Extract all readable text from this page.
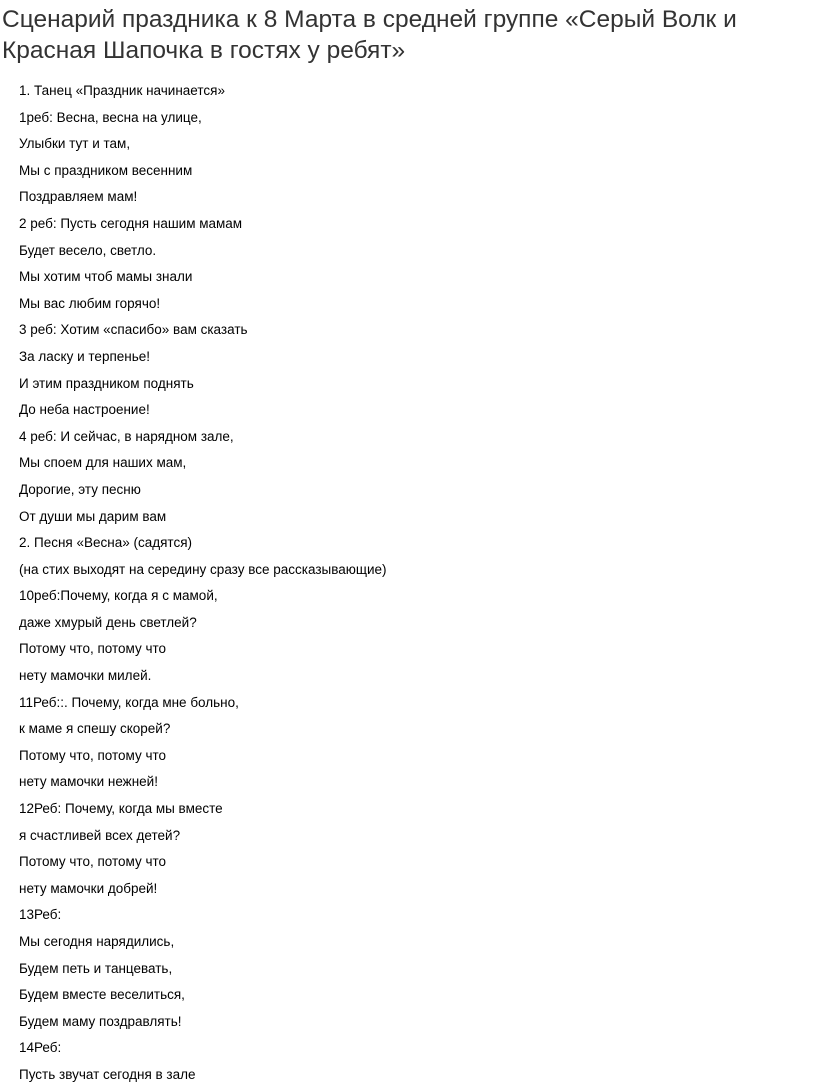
Сценарий праздника к 8 Марта в средней группе «Серый Волк и Красная Шапочка в гостях у ребят»
1. Танец «Праздник начинается»
1реб: Весна, весна на улице,
Улыбки тут и там,
Мы с праздником весенним
Поздравляем мам!
2 реб: Пусть сегодня нашим мамам
Будет весело, светло.
Мы хотим чтоб мамы знали
Мы вас любим горячо!
3 реб: Хотим «спасибо» вам сказать
За ласку и терпенье!
И этим праздником поднять
До неба настроение!
4 реб: И сейчас, в нарядном зале,
Мы споем для наших мам,
Дорогие, эту песню
От души мы дарим вам
2. Песня «Весна» (садятся)
(на стих выходят на середину сразу все рассказывающие)
10реб:Почему, когда я с мамой,
даже хмурый день светлей?
Потому что, потому что
нету мамочки милей.
11Реб::. Почему, когда мне больно,
к маме я спешу скорей?
Потому что, потому что
нету мамочки нежней!
12Реб: Почему, когда мы вместе
я счастливей всех детей?
Потому что, потому что
нету мамочки добрей!
13Реб:
Мы сегодня нарядились,
Будем петь и танцевать,
Будем вместе веселиться,
Будем маму поздравлять!
14Реб:
Пусть звучат сегодня в зале
